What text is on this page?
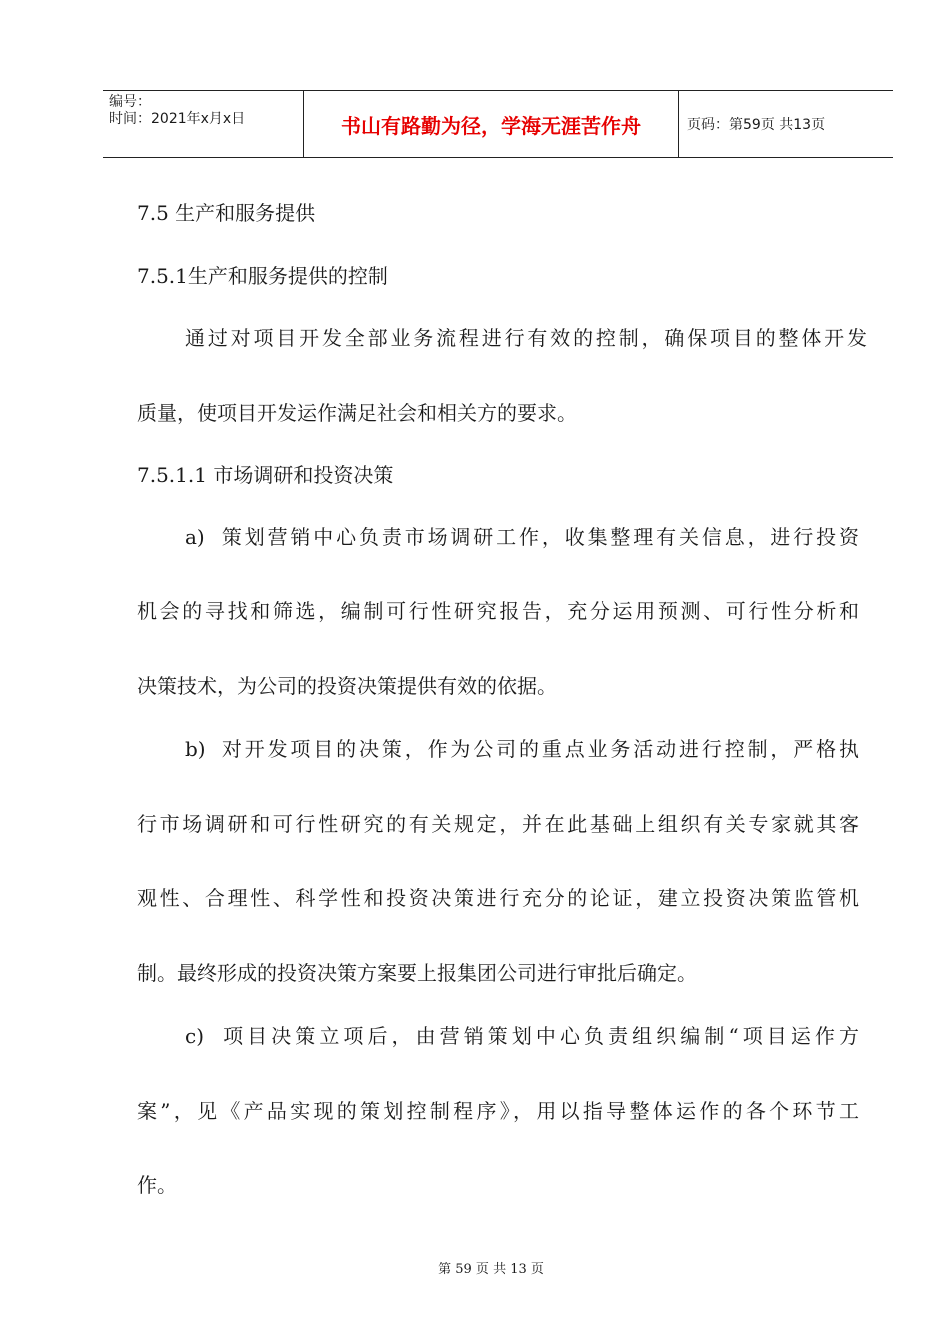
编号：
时间：2021年x月x日	书山有路勤为径，学海无涯苦作舟	页码：第59页 共13页
7.5 生产和服务提供
7.5.1生产和服务提供的控制
通过对项目开发全部业务流程进行有效的控制，确保项目的整体开发
质量，使项目开发运作满足社会和相关方的要求。
7.5.1.1 市场调研和投资决策
a) 策划营销中心负责市场调研工作，收集整理有关信息，进行投资
机会的寻找和筛选，编制可行性研究报告，充分运用预测、可行性分析和
决策技术，为公司的投资决策提供有效的依据。
b) 对开发项目的决策，作为公司的重点业务活动进行控制，严格执
行市场调研和可行性研究的有关规定，并在此基础上组织有关专家就其客
观性、合理性、科学性和投资决策进行充分的论证，建立投资决策监管机
制。最终形成的投资决策方案要上报集团公司进行审批后确定。
c) 项目决策立项后，由营销策划中心负责组织编制“项目运作方
案”，见《产品实现的策划控制程序》，用以指导整体运作的各个环节工
作。
第 59 页 共 13 页
